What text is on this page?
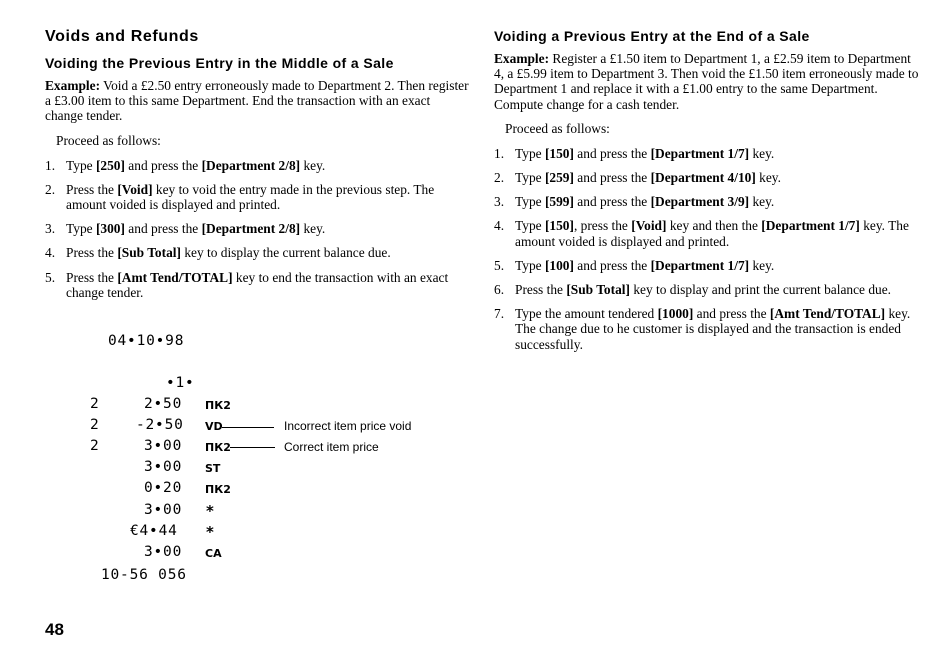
Voids and Refunds
Voiding the Previous Entry in the Middle of a Sale

Example: Void a £2.50 entry erroneously made to Department 2. Then register a £3.00 item to this same Department. End the transaction with an exact change tender.

Proceed as follows:

1. Type [250] and press the [Department 2/8] key.
2. Press the [Void] key to void the entry made in the previous step. The amount voided is displayed and printed.
3. Type [300] and press the [Department 2/8] key.
4. Press the [Sub Total] key to display the current balance due.
5. Press the [Amt Tend/TOTAL] key to end the transaction with an exact change tender.
Voiding a Previous Entry at the End of a Sale

Example: Register a £1.50 item to Department 1, a £2.59 item to Department 4, a £5.99 item to Department 3. Then void the £1.50 item erroneously made to Department 1 and replace it with a £1.00 entry to the same Department. Compute change for a cash tender.

Proceed as follows:

1. Type [150] and press the [Department 1/7] key.
2. Type [259] and press the [Department 4/10] key.
3. Type [599] and press the [Department 3/9] key.
4. Type [150], press the [Void] key and then the [Department 1/7] key. The amount voided is displayed and printed.
5. Type [100] and press the [Department 1/7] key.
6. Press the [Sub Total] key to display and print the current balance due.
7. Type the amount tendered [1000] and press the [Amt Tend/TOTAL] key. The change due to he customer is displayed and the transaction is ended successfully.
04•10•98
•1•
2	2•50 ПК2
2	-2•50 VD
2	3•00 ПК2
3•00 ST
0•20 ПК2
3•00 *
€4•44 *
3•00 CA
10-56 056
Incorrect item price void
Correct item price
48
